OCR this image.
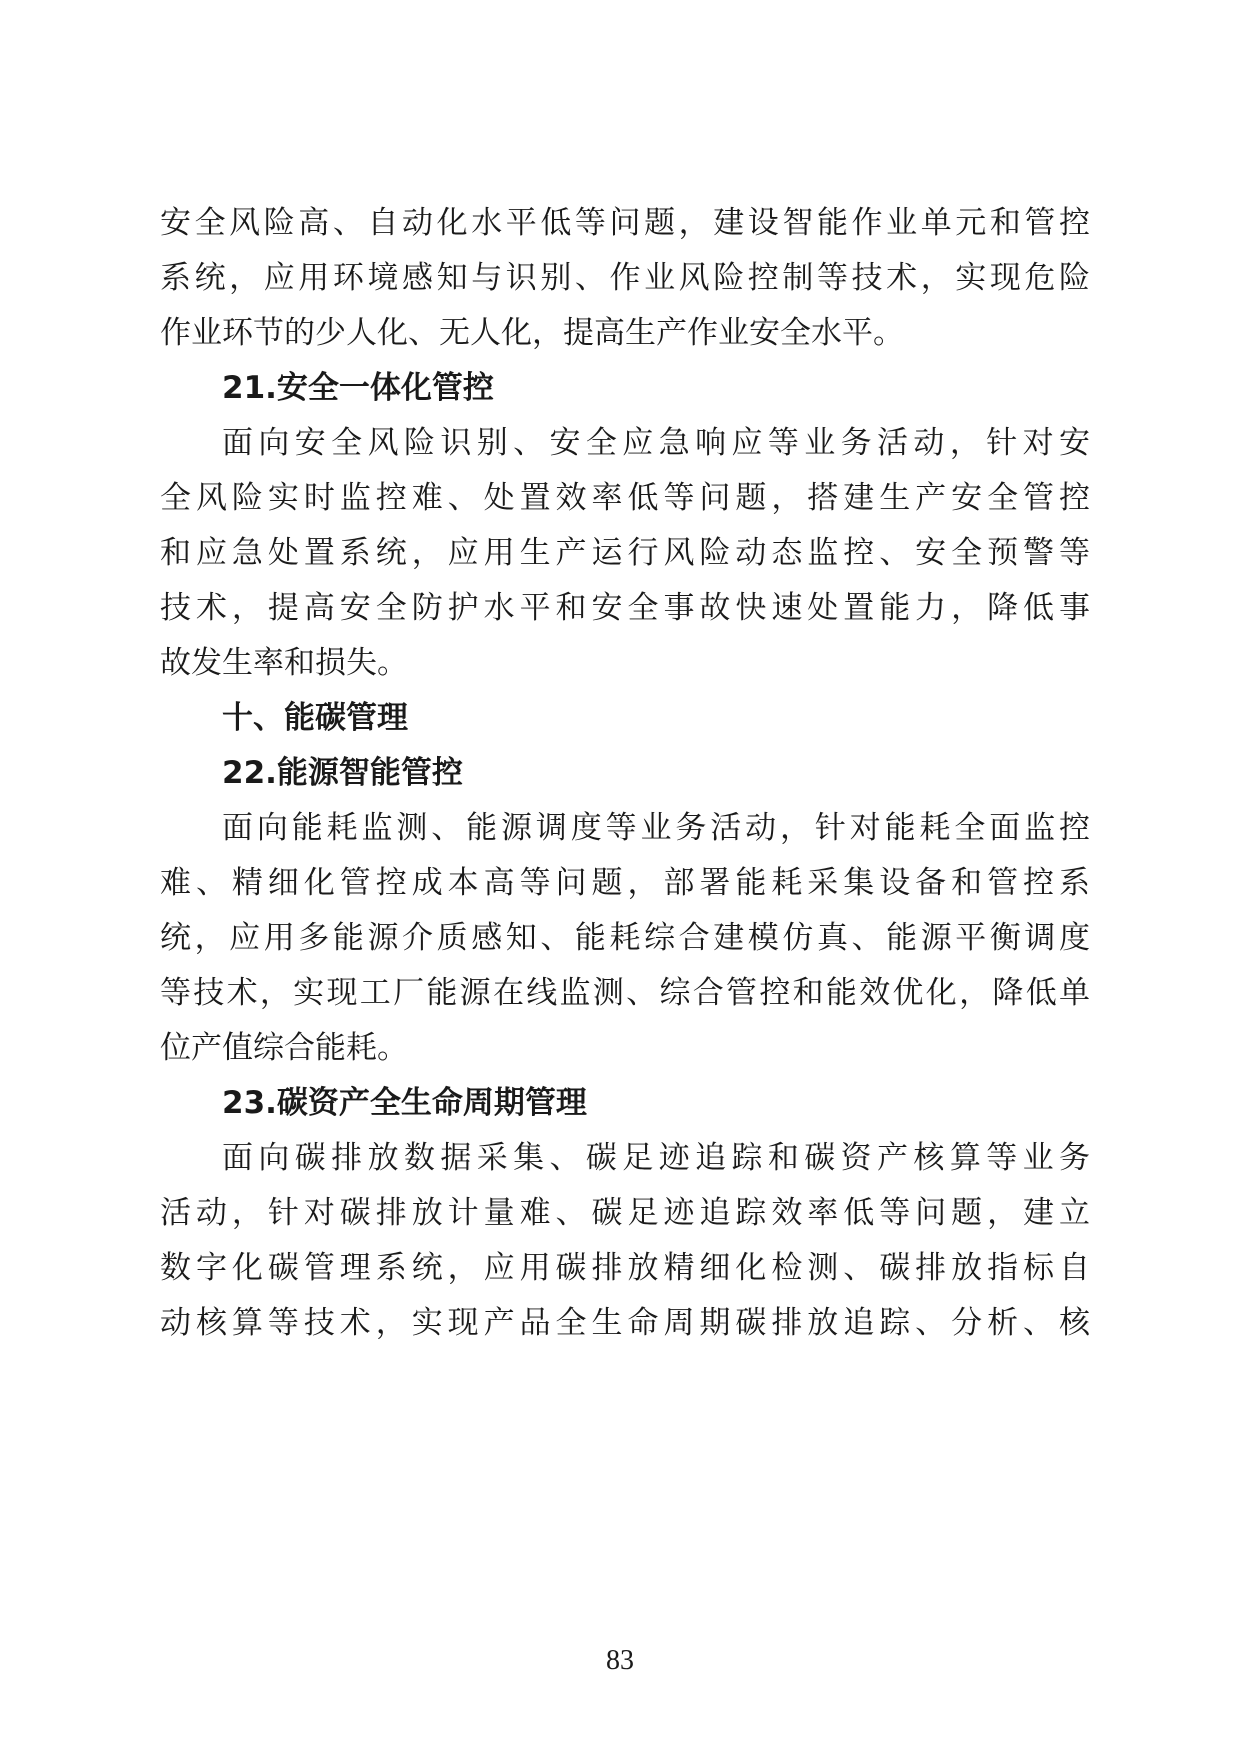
安全风险高、自动化水平低等问题，建设智能作业单元和管控
系统，应用环境感知与识别、作业风险控制等技术，实现危险
作业环节的少人化、无人化，提高生产作业安全水平。
21.安全一体化管控
面向安全风险识别、安全应急响应等业务活动，针对安
全风险实时监控难、处置效率低等问题，搭建生产安全管控
和应急处置系统，应用生产运行风险动态监控、安全预警等
技术，提高安全防护水平和安全事故快速处置能力，降低事
故发生率和损失。
十、能碳管理
22.能源智能管控
面向能耗监测、能源调度等业务活动，针对能耗全面监控
难、精细化管控成本高等问题，部署能耗采集设备和管控系
统，应用多能源介质感知、能耗综合建模仿真、能源平衡调度
等技术，实现工厂能源在线监测、综合管控和能效优化，降低单
位产值综合能耗。
23.碳资产全生命周期管理
面向碳排放数据采集、碳足迹追踪和碳资产核算等业务
活动，针对碳排放计量难、碳足迹追踪效率低等问题，建立
数字化碳管理系统，应用碳排放精细化检测、碳排放指标自
动核算等技术，实现产品全生命周期碳排放追踪、分析、核
83
